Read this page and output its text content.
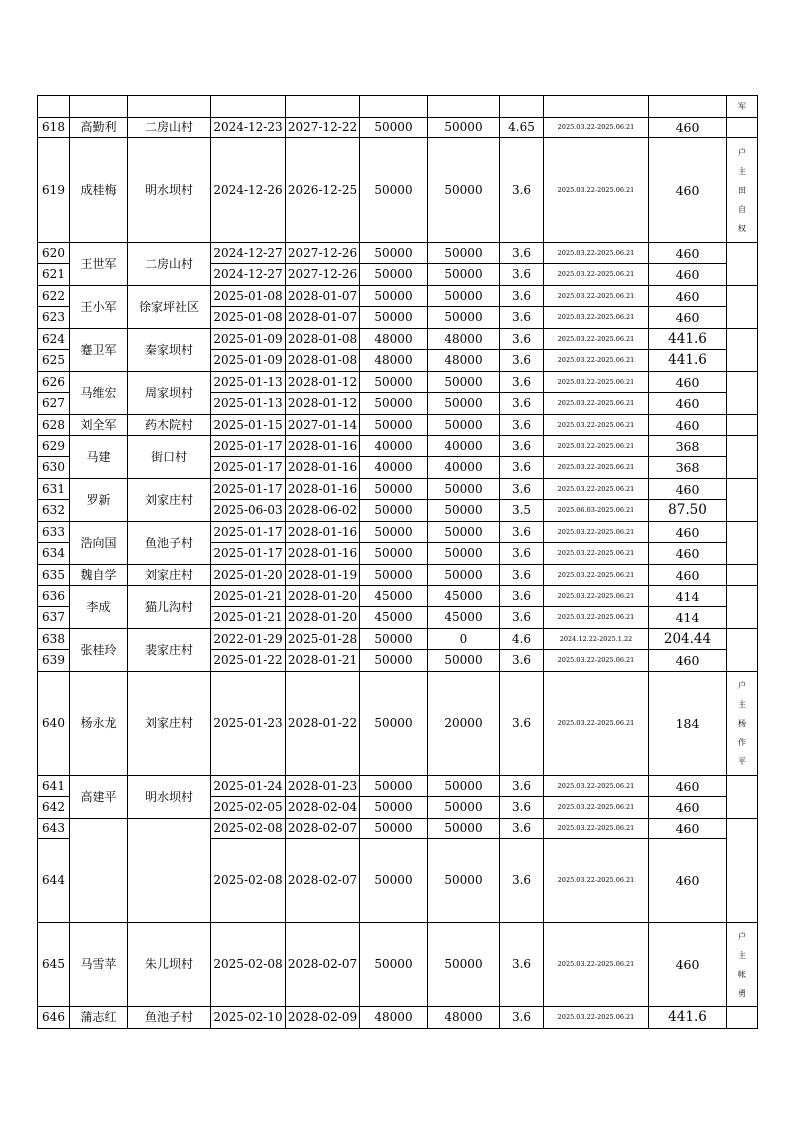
										军
618	高勤利	二房山村	2024-12-23	2027-12-22	50000	50000	4.65	2025.03.22-2025.06.21	460	
619	成桂梅	明水坝村	2024-12-26	2026-12-25	50000	50000	3.6	2025.03.22-2025.06.21	460	户
主
田
自
权

620	王世军	二房山村	2024-12-27	2027-12-26	50000	50000	3.6	2025.03.22-2025.06.21	460	
621			2024-12-27	2027-12-26	50000	50000	3.6	2025.03.22-2025.06.21	460	
622	王小军	徐家坪社区	2025-01-08	2028-01-07	50000	50000	3.6	2025.03.22-2025.06.21	460	
623			2025-01-08	2028-01-07	50000	50000	3.6	2025.03.22-2025.06.21	460	
624	蹇卫军	秦家坝村	2025-01-09	2028-01-08	48000	48000	3.6	2025.03.22-2025.06.21	441.6	
625			2025-01-09	2028-01-08	48000	48000	3.6	2025.03.22-2025.06.21	441.6	
626	马维宏	周家坝村	2025-01-13	2028-01-12	50000	50000	3.6	2025.03.22-2025.06.21	460	
627			2025-01-13	2028-01-12	50000	50000	3.6	2025.03.22-2025.06.21	460	
628	刘全军	药木院村	2025-01-15	2027-01-14	50000	50000	3.6	2025.03.22-2025.06.21	460	
629	马建	街口村	2025-01-17	2028-01-16	40000	40000	3.6	2025.03.22-2025.06.21	368	
630			2025-01-17	2028-01-16	40000	40000	3.6	2025.03.22-2025.06.21	368	
631	罗新	刘家庄村	2025-01-17	2028-01-16	50000	50000	3.6	2025.03.22-2025.06.21	460	
632			2025-06-03	2028-06-02	50000	50000	3.5	2025.06.03-2025.06.21	87.50	
633	浩向国	鱼池子村	2025-01-17	2028-01-16	50000	50000	3.6	2025.03.22-2025.06.21	460	
634			2025-01-17	2028-01-16	50000	50000	3.6	2025.03.22-2025.06.21	460	
635	魏自学	刘家庄村	2025-01-20	2028-01-19	50000	50000	3.6	2025.03.22-2025.06.21	460	
636	李成	猫儿沟村	2025-01-21	2028-01-20	45000	45000	3.6	2025.03.22-2025.06.21	414	
637			2025-01-21	2028-01-20	45000	45000	3.6	2025.03.22-2025.06.21	414	
638	张桂玲	裴家庄村	2022-01-29	2025-01-28	50000	0	4.6	2024.12.22-2025.1.22	204.44	
639			2025-01-22	2028-01-21	50000	50000	3.6	2025.03.22-2025.06.21	460	
640	杨永龙	刘家庄村	2025-01-23	2028-01-22	50000	20000	3.6	2025.03.22-2025.06.21	184	户
主
杨
作
平

641	高建平	明水坝村	2025-01-24	2028-01-23	50000	50000	3.6	2025.03.22-2025.06.21	460	
642			2025-02-05	2028-02-04	50000	50000	3.6	2025.03.22-2025.06.21	460	
643			2025-02-08	2028-02-07	50000	50000	3.6	2025.03.22-2025.06.21	460	
644			2025-02-08	2028-02-07	50000	50000	3.6	2025.03.22-2025.06.21	460	
645	马雪苹	朱儿坝村	2025-02-08	2028-02-07	50000	50000	3.6	2025.03.22-2025.06.21	460	户
主
帐
勇

646	蒲志红	鱼池子村	2025-02-10	2028-02-09	48000	48000	3.6	2025.03.22-2025.06.21	441.6	
